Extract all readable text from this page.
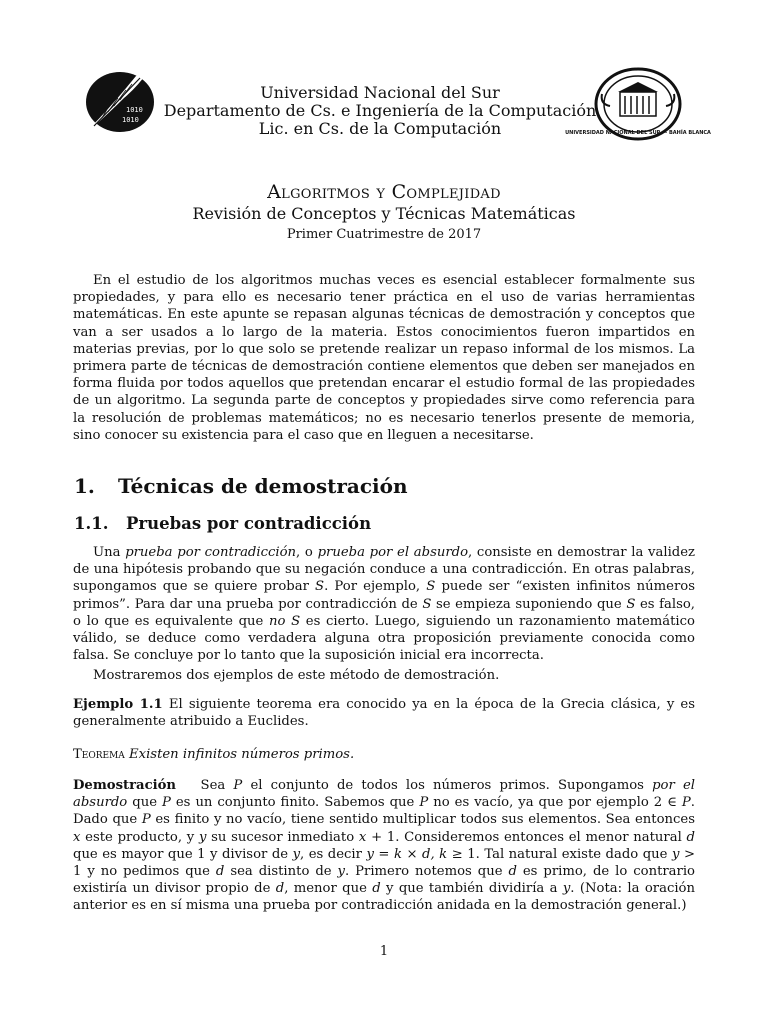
1010
1010
UNIVERSIDAD NACIONAL DEL SUR — BAHÍA BLANCA
Universidad Nacional del Sur
Departamento de Cs. e Ingeniería de la Computación
Lic. en Cs. de la Computación
Algoritmos y Complejidad
Revisión de Conceptos y Técnicas Matemáticas
Primer Cuatrimestre de 2017

En el estudio de los algoritmos muchas veces es esencial establecer formalmente sus propiedades, y para ello es necesario tener práctica en el uso de varias herramientas matemáticas. En este apunte se repasan algunas técnicas de demostración y conceptos que van a ser usados a lo largo de la materia. Estos conocimientos fueron impartidos en materias previas, por lo que solo se pretende realizar un repaso informal de los mismos. La primera parte de técnicas de demostración contiene elementos que deben ser manejados en forma fluida por todos aquellos que pretendan encarar el estudio formal de las propiedades de un algoritmo. La segunda parte de conceptos y propiedades sirve como referencia para la resolución de problemas matemáticos; no es necesario tenerlos presente de memoria, sino conocer su existencia para el caso que en lleguen a necesitarse.

1. Técnicas de demostración
1.1. Pruebas por contradicción

Una prueba por contradicción, o prueba por el absurdo, consiste en demostrar la validez de una hipótesis probando que su negación conduce a una contradicción. En otras palabras, supongamos que se quiere probar S. Por ejemplo, S puede ser “existen infinitos números primos”. Para dar una prueba por contradicción de S se empieza suponiendo que S es falso, o lo que es equivalente que no S es cierto. Luego, siguiendo un razonamiento matemático válido, se deduce como verdadera alguna otra proposición previamente conocida como falsa. Se concluye por lo tanto que la suposición inicial era incorrecta.

Mostraremos dos ejemplos de este método de demostración.

Ejemplo 1.1 El siguiente teorema era conocido ya en la época de la Grecia clásica, y es generalmente atribuido a Euclides.

Teorema Existen infinitos números primos.

Demostración Sea P el conjunto de todos los números primos. Supongamos por el absurdo que P es un conjunto finito. Sabemos que P no es vacío, ya que por ejemplo 2 ∈ P. Dado que P es finito y no vacío, tiene sentido multiplicar todos sus elementos. Sea entonces x este producto, y y su sucesor inmediato x + 1. Consideremos entonces el menor natural d que es mayor que 1 y divisor de y, es decir y = k × d, k ≥ 1. Tal natural existe dado que y > 1 y no pedimos que d sea distinto de y. Primero notemos que d es primo, de lo contrario existiría un divisor propio de d, menor que d y que también dividiría a y. (Nota: la oración anterior es en sí misma una prueba por contradicción anidada en la demostración general.)

1
